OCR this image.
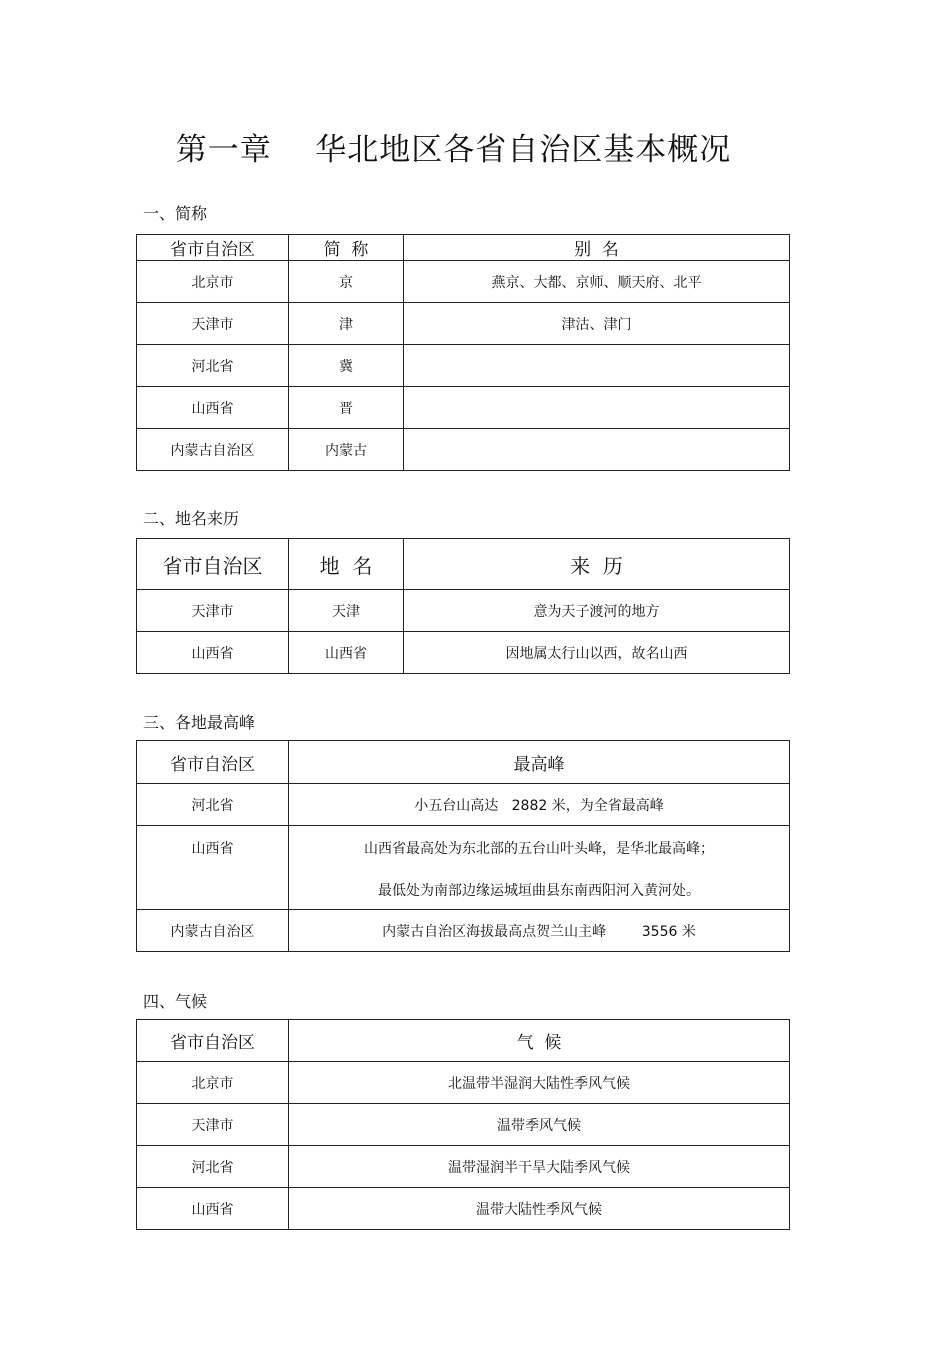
第一章    华北地区各省自治区基本概况
一、简称
省市自治区	简  称	别  名
北京市	京	燕京、大都、京师、顺天府、北平
天津市	津	津沽、津门
河北省	冀	
山西省	晋	
内蒙古自治区	内蒙古	
二、地名来历
省市自治区	地  名	来  历
天津市	天津	意为天子渡河的地方
山西省	山西省	因地属太行山以西，故名山西
三、各地最高峰
省市自治区	最高峰
河北省	小五台山高达   2882 米，为全省最高峰
山西省	山西省最高处为东北部的五台山叶头峰，是华北最高峰；
最低处为南部边缘运城垣曲县东南西阳河入黄河处。

内蒙古自治区	内蒙古自治区海拔最高点贺兰山主峰        3556 米
四、气候
省市自治区	气  候
北京市	北温带半湿润大陆性季风气候
天津市	温带季风气候
河北省	温带湿润半干旱大陆季风气候
山西省	温带大陆性季风气候
